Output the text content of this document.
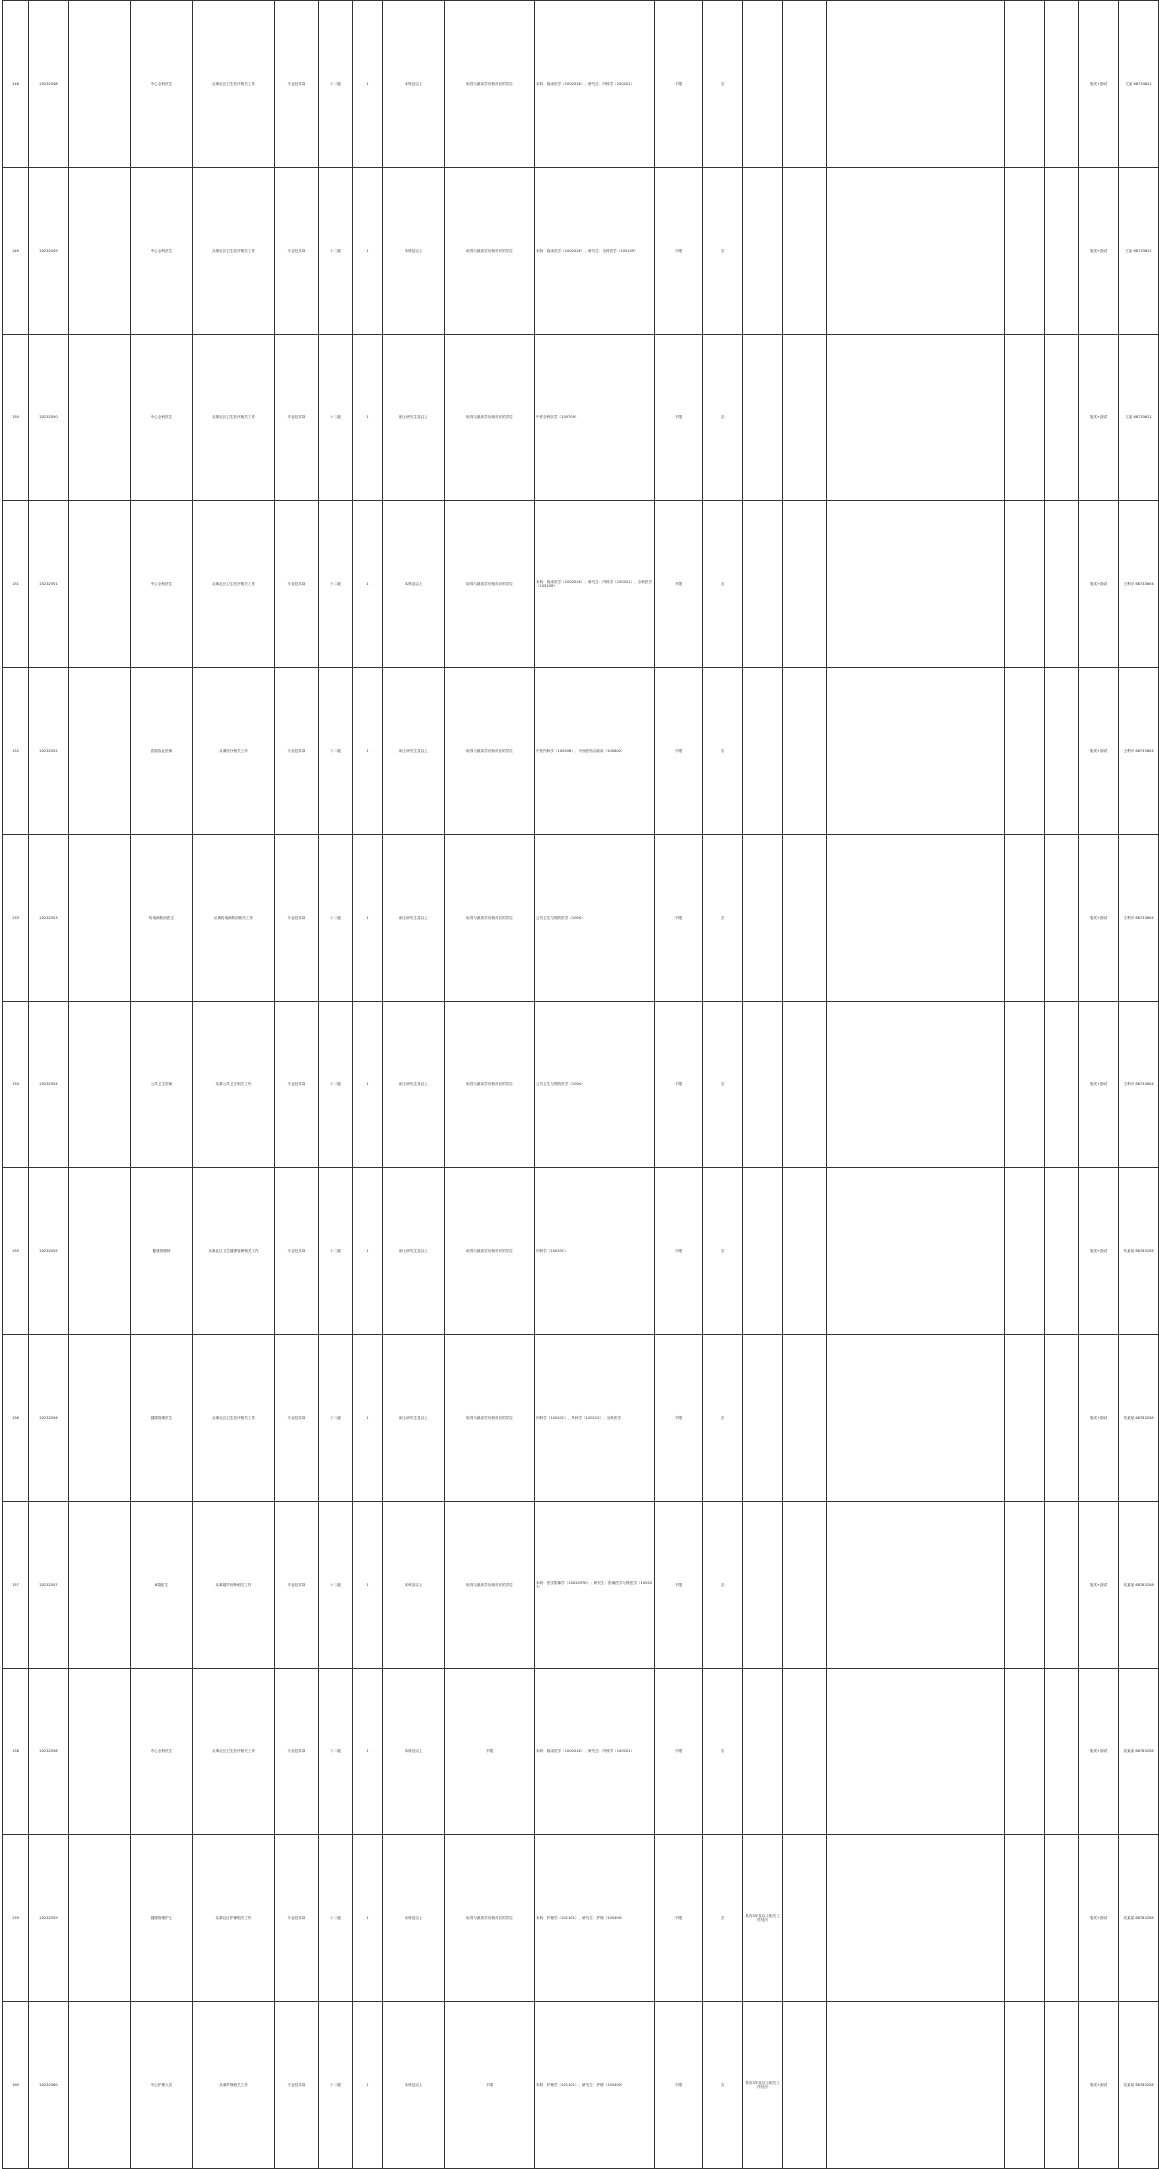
148	20232548		中心全科医生	从事社区卫生医疗相关工作	专业技术岗	十二级	1	本科及以上	取得与最高学历相对应的学位	本科：临床医学（100201K）；研究生：内科学（100201）	不限	否						笔试+面试	王某 68733621
149	20232549		中心全科医生	从事社区卫生医疗相关工作	专业技术岗	十二级	1	本科及以上	取得与最高学历相对应的学位	本科：临床医学（100201K）；研究生：全科医学（105109）	不限	否						笔试+面试	王某 68733621
150	20232550		中心全科医生	从事社区卫生医疗相关工作	专业技术岗	十二级	1	硕士研究生及以上	取得与最高学历相对应的学位	中医全科医学（105709）	不限	否						笔试+面试	王某 68733621
151	20232551		中心全科医生	从事社区卫生医疗相关工作	专业技术岗	十二级	1	本科及以上	取得与最高学历相对应的学位	本科：临床医学（100201K）；研究生：内科学（100201）、全科医学（105109）	不限	否						笔试+面试	王利平 68733604
152	20232552		医院执业医师	从事医疗相关工作	专业技术岗	十二级	1	硕士研究生及以上	取得与最高学历相对应的学位	中医内科学（100506）、中西医结合临床（100602）	不限	否						笔试+面试	王利平 68733604
153	20232553		传染病防治医生	从事传染病防治相关工作	专业技术岗	十二级	1	硕士研究生及以上	取得与最高学历相对应的学位	公共卫生与预防医学（1004）	不限	否						笔试+面试	王利平 68733604
154	20232554		公共卫生医师	从事公共卫生相关工作	专业技术岗	十二级	1	硕士研究生及以上	取得与最高学历相对应的学位	公共卫生与预防医学（1004）	不限	否						笔试+面试	王利平 68733604
155	20232555		健康管理师	从事社区卫生健康管理相关工作	专业技术岗	十二级	1	硕士研究生及以上	取得与最高学历相对应的学位	内科学（100201）	不限	否						笔试+面试	朱某某 68783258
156	20232556		健康管理医生	从事社区卫生医疗相关工作	专业技术岗	十二级	1	硕士研究生及以上	取得与最高学历相对应的学位	内科学（100201）、外科学（100210）、全科医学	不限	否						笔试+面试	朱某某 68783258
157	20232557		B超医生	从事超声诊断相关工作	专业技术岗	十二级	1	本科及以上	取得与最高学历相对应的学位	本科：医学影像学（100203TK）；研究生：影像医学与核医学（100207）	不限	否						笔试+面试	吴某某 68783258
158	20232558		中心全科医生	从事社区卫生医疗相关工作	专业技术岗	十二级	1	本科及以上	不限	本科：临床医学（100201K）；研究生：内科学（100201）	不限	否						笔试+面试	吴某某 68783258
159	20232559		健康管理护士	从事社区护理相关工作	专业技术岗	十二级	1	本科及以上	取得与最高学历相对应的学位	本科：护理学（101101）；研究生：护理（105400）	不限	否	具有3年及以上相关工作经历					笔试+面试	吴某某 68783258
160	20232560		中心护理人员	从事护理相关工作	专业技术岗	十二级	1	本科及以上	不限	本科：护理学（101101）；研究生：护理（105400）	不限	否	具有3年及以上相关工作经历					笔试+面试	吴某某 68783258
